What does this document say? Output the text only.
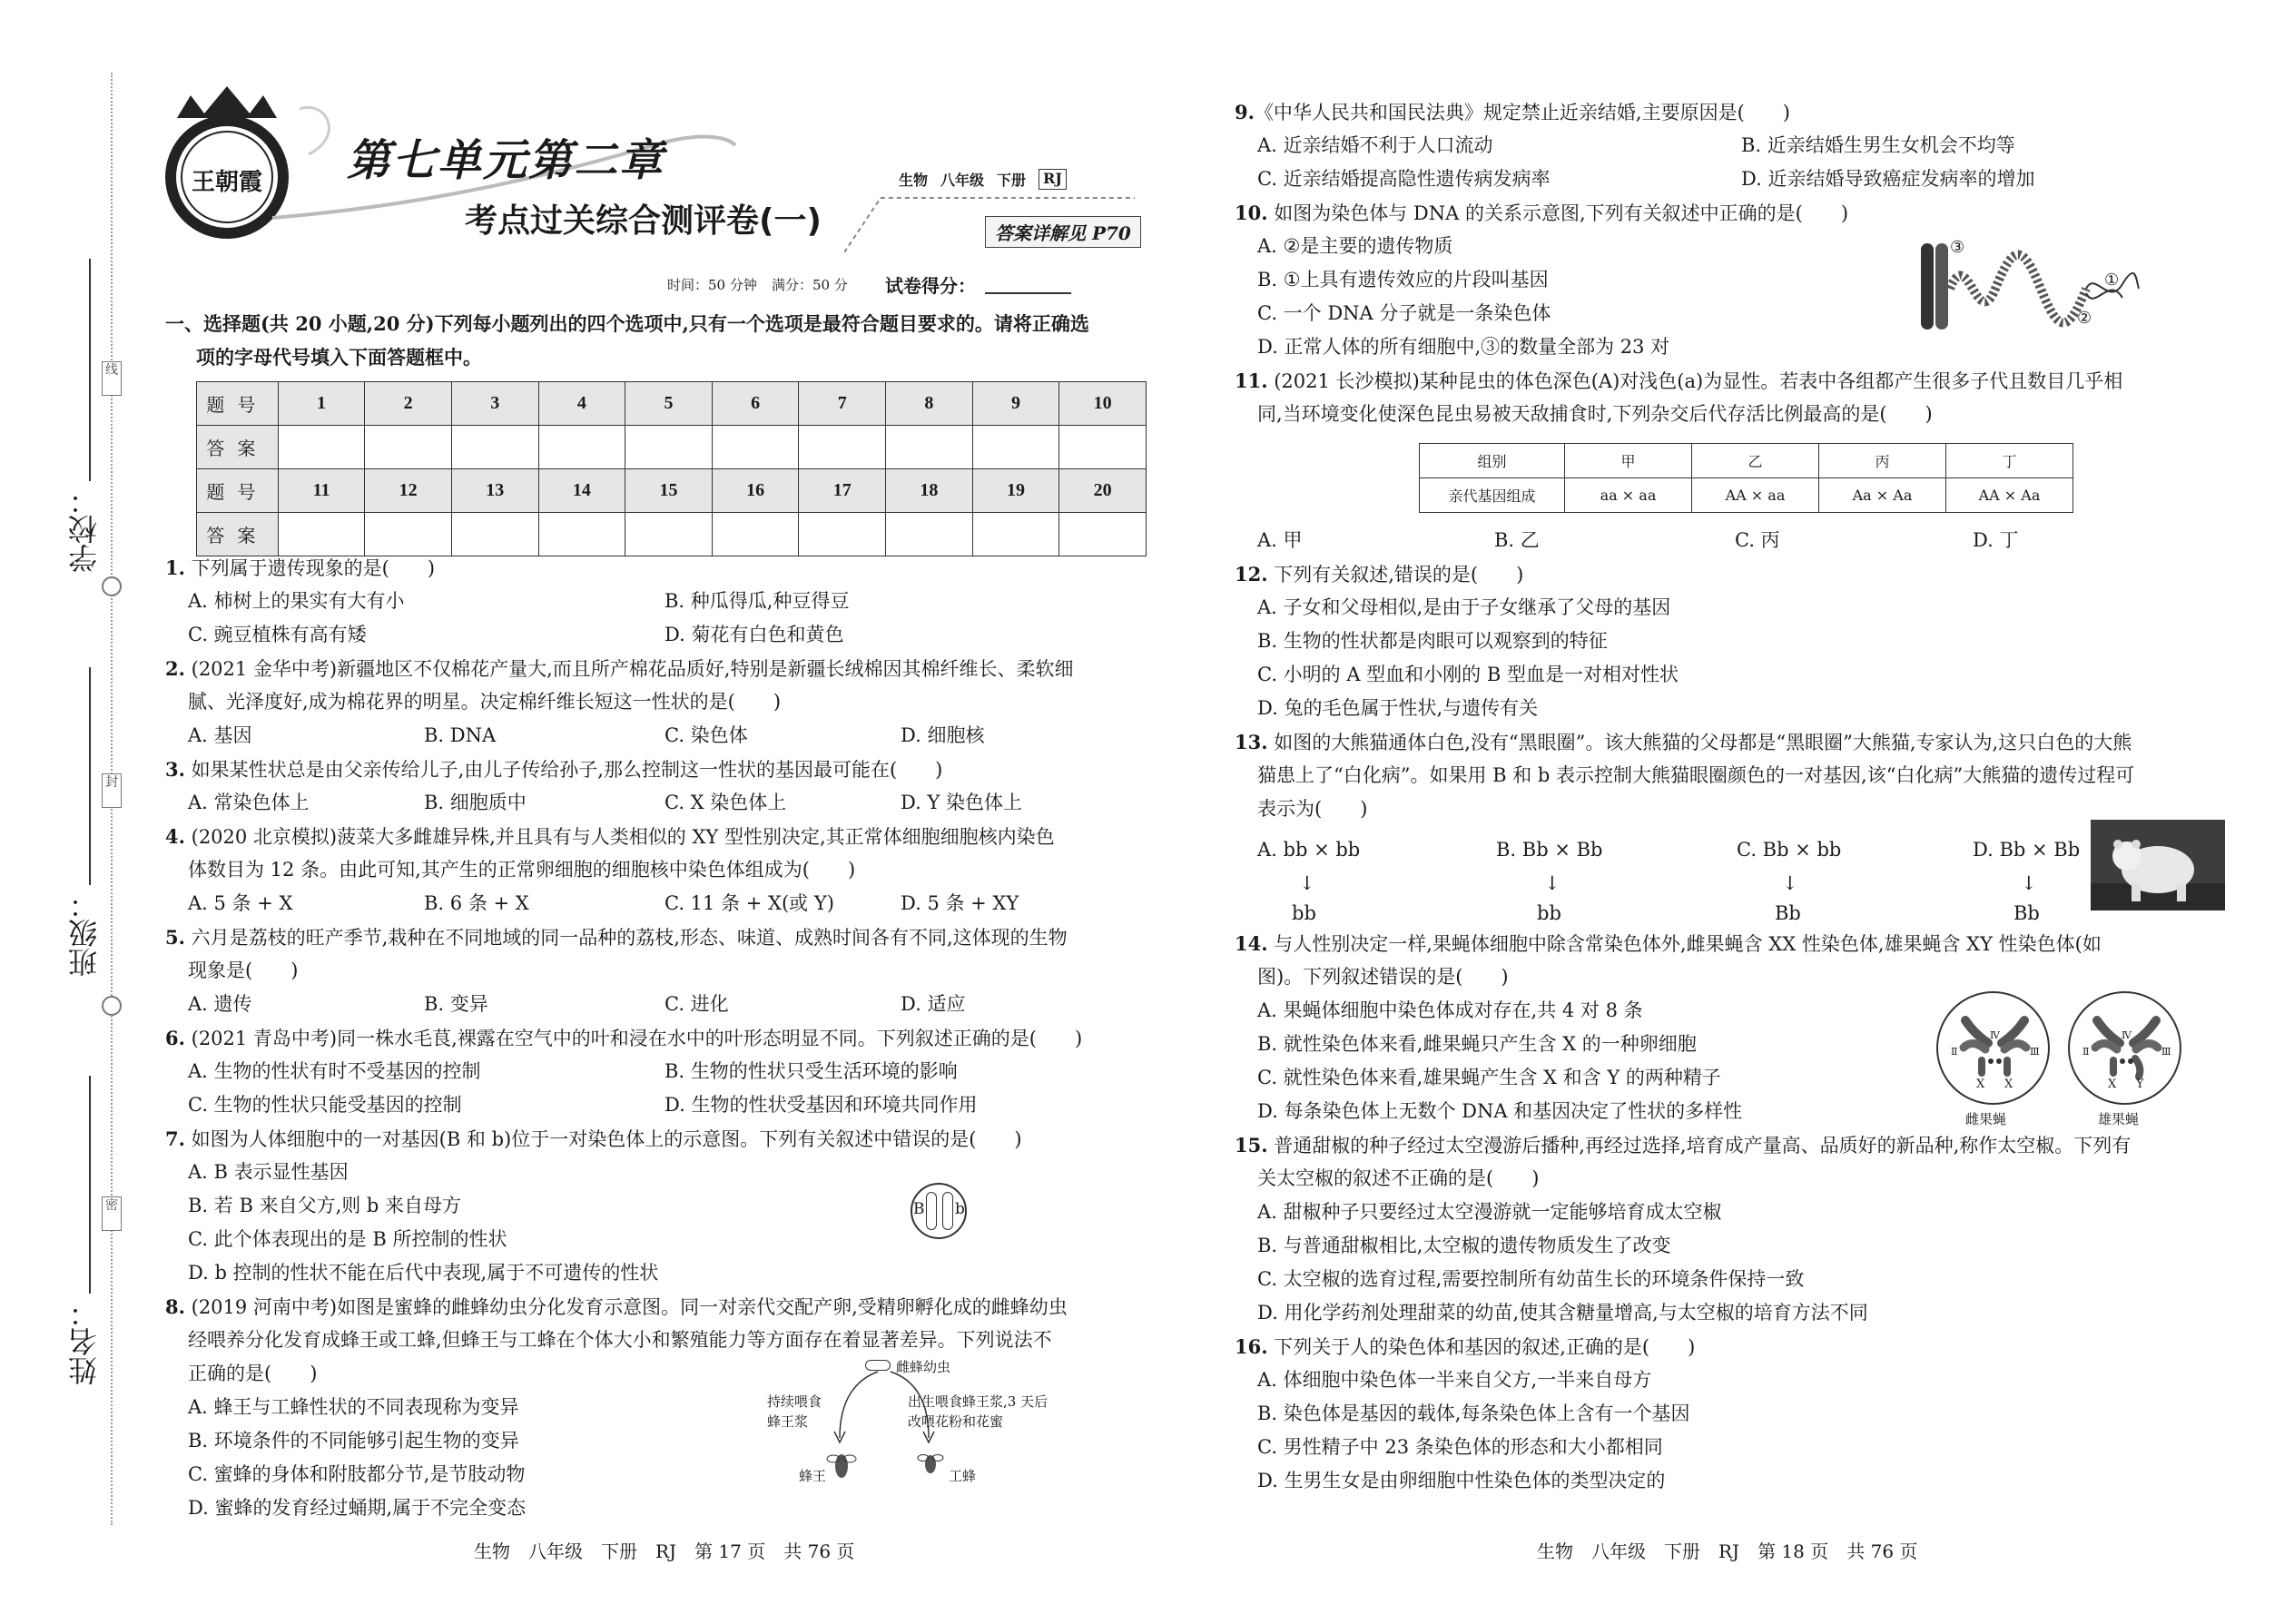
线
封
密
学校：
班级：
姓名：
王朝霞 第七单元第二章
考点过关综合测评卷(一)
生物 八年级 下册	RJ
答案详解见 P70
时间：50 分钟 满分：50 分 试卷得分：
一、选择题(共 20 小题,20 分)下列每小题列出的四个选项中,只有一个选项是最符合题目要求的。请将正确选
项的字母代号填入下面答题框中。
题号	1	2	3	4	5	6	7	8	9	10
答案										
题号	11	12	13	14	15	16	17	18	19	20
答案										
1. 下列属于遗传现象的是(　　)
A. 柿树上的果实有大有小	B. 种瓜得瓜,种豆得豆
C. 豌豆植株有高有矮	D. 菊花有白色和黄色
2. (2021 金华中考)新疆地区不仅棉花产量大,而且所产棉花品质好,特别是新疆长绒棉因其棉纤维长、柔软细
腻、光泽度好,成为棉花界的明星。决定棉纤维长短这一性状的是(　　)
A. 基因	B. DNA	C. 染色体	D. 细胞核
3. 如果某性状总是由父亲传给儿子,由儿子传给孙子,那么控制这一性状的基因最可能在(　　)
A. 常染色体上	B. 细胞质中	C. X 染色体上	D. Y 染色体上
4. (2020 北京模拟)菠菜大多雌雄异株,并且具有与人类相似的 XY 型性别决定,其正常体细胞细胞核内染色
体数目为 12 条。由此可知,其产生的正常卵细胞的细胞核中染色体组成为(　　)
A. 5 条 + X	B. 6 条 + X	C. 11 条 + X(或 Y)	D. 5 条 + XY
5. 六月是荔枝的旺产季节,栽种在不同地域的同一品种的荔枝,形态、味道、成熟时间各有不同,这体现的生物
现象是(　　)
A. 遗传	B. 变异	C. 进化	D. 适应
6. (2021 青岛中考)同一株水毛茛,裸露在空气中的叶和浸在水中的叶形态明显不同。下列叙述正确的是(　　)
A. 生物的性状有时不受基因的控制	B. 生物的性状只受生活环境的影响
C. 生物的性状只能受基因的控制	D. 生物的性状受基因和环境共同作用
7. 如图为人体细胞中的一对基因(B 和 b)位于一对染色体上的示意图。下列有关叙述中错误的是(　　)
A. B 表示显性基因
B. 若 B 来自父方,则 b 来自母方
C. 此个体表现出的是 B 所控制的性状
D. b 控制的性状不能在后代中表现,属于不可遗传的性状
B b
8. (2019 河南中考)如图是蜜蜂的雌蜂幼虫分化发育示意图。同一对亲代交配产卵,受精卵孵化成的雌蜂幼虫
经喂养分化发育成蜂王或工蜂,但蜂王与工蜂在个体大小和繁殖能力等方面存在着显著差异。下列说法不
正确的是(　　)
A. 蜂王与工蜂性状的不同表现称为变异
B. 环境条件的不同能够引起生物的变异
C. 蜜蜂的身体和附肢都分节,是节肢动物
D. 蜜蜂的发育经过蛹期,属于不完全变态
雌蜂幼虫
持续喂食
蜂王浆
出生喂食蜂王浆,3 天后
改喂花粉和花蜜
蜂王	工蜂
生物　八年级　下册　RJ　第 17 页　共 76 页
9.《中华人民共和国民法典》规定禁止近亲结婚,主要原因是(　　)
A. 近亲结婚不利于人口流动	B. 近亲结婚生男生女机会不均等
C. 近亲结婚提高隐性遗传病发病率	D. 近亲结婚导致癌症发病率的增加
10. 如图为染色体与 DNA 的关系示意图,下列有关叙述中正确的是(　　)
A. ②是主要的遗传物质
B. ①上具有遗传效应的片段叫基因
C. 一个 DNA 分子就是一条染色体
D. 正常人体的所有细胞中,③的数量全部为 23 对
③
①
②
11. (2021 长沙模拟)某种昆虫的体色深色(A)对浅色(a)为显性。若表中各组都产生很多子代且数目几乎相
同,当环境变化使深色昆虫易被天敌捕食时,下列杂交后代存活比例最高的是(　　)
组别	甲	乙	丙	丁
亲代基因组成	aa × aa	AA × aa	Aa × Aa	AA × Aa
A. 甲	B. 乙	C. 丙	D. 丁
12. 下列有关叙述,错误的是(　　)
A. 子女和父母相似,是由于子女继承了父母的基因
B. 生物的性状都是肉眼可以观察到的特征
C. 小明的 A 型血和小刚的 B 型血是一对相对性状
D. 兔的毛色属于性状,与遗传有关
13. 如图的大熊猫通体白色,没有“黑眼圈”。该大熊猫的父母都是“黑眼圈”大熊猫,专家认为,这只白色的大熊
猫患上了“白化病”。如果用 B 和 b 表示控制大熊猫眼圈颜色的一对基因,该“白化病”大熊猫的遗传过程可
表示为(　　)
A. bb × bb	B. Bb × Bb	C. Bb × bb	D. Bb × Bb
↓	↓	↓	↓
bb	bb	Bb	Bb
14. 与人性别决定一样,果蝇体细胞中除含常染色体外,雌果蝇含 XX 性染色体,雄果蝇含 XY 性染色体(如
图)。下列叙述错误的是(　　)
A. 果蝇体细胞中染色体成对存在,共 4 对 8 条
B. 就性染色体来看,雌果蝇只产生含 X 的一种卵细胞
C. 就性染色体来看,雄果蝇产生含 X 和含 Y 的两种精子
D. 每条染色体上无数个 DNA 和基因决定了性状的多样性
Ⅱ
Ⅳ
Ⅲ
X X
Ⅱ
Ⅳ
Ⅲ
X Y
雌果蝇	雄果蝇
15. 普通甜椒的种子经过太空漫游后播种,再经过选择,培育成产量高、品质好的新品种,称作太空椒。下列有
关太空椒的叙述不正确的是(　　)
A. 甜椒种子只要经过太空漫游就一定能够培育成太空椒
B. 与普通甜椒相比,太空椒的遗传物质发生了改变
C. 太空椒的选育过程,需要控制所有幼苗生长的环境条件保持一致
D. 用化学药剂处理甜菜的幼苗,使其含糖量增高,与太空椒的培育方法不同
16. 下列关于人的染色体和基因的叙述,正确的是(　　)
A. 体细胞中染色体一半来自父方,一半来自母方
B. 染色体是基因的载体,每条染色体上含有一个基因
C. 男性精子中 23 条染色体的形态和大小都相同
D. 生男生女是由卵细胞中性染色体的类型决定的
生物　八年级　下册　RJ　第 18 页　共 76 页
